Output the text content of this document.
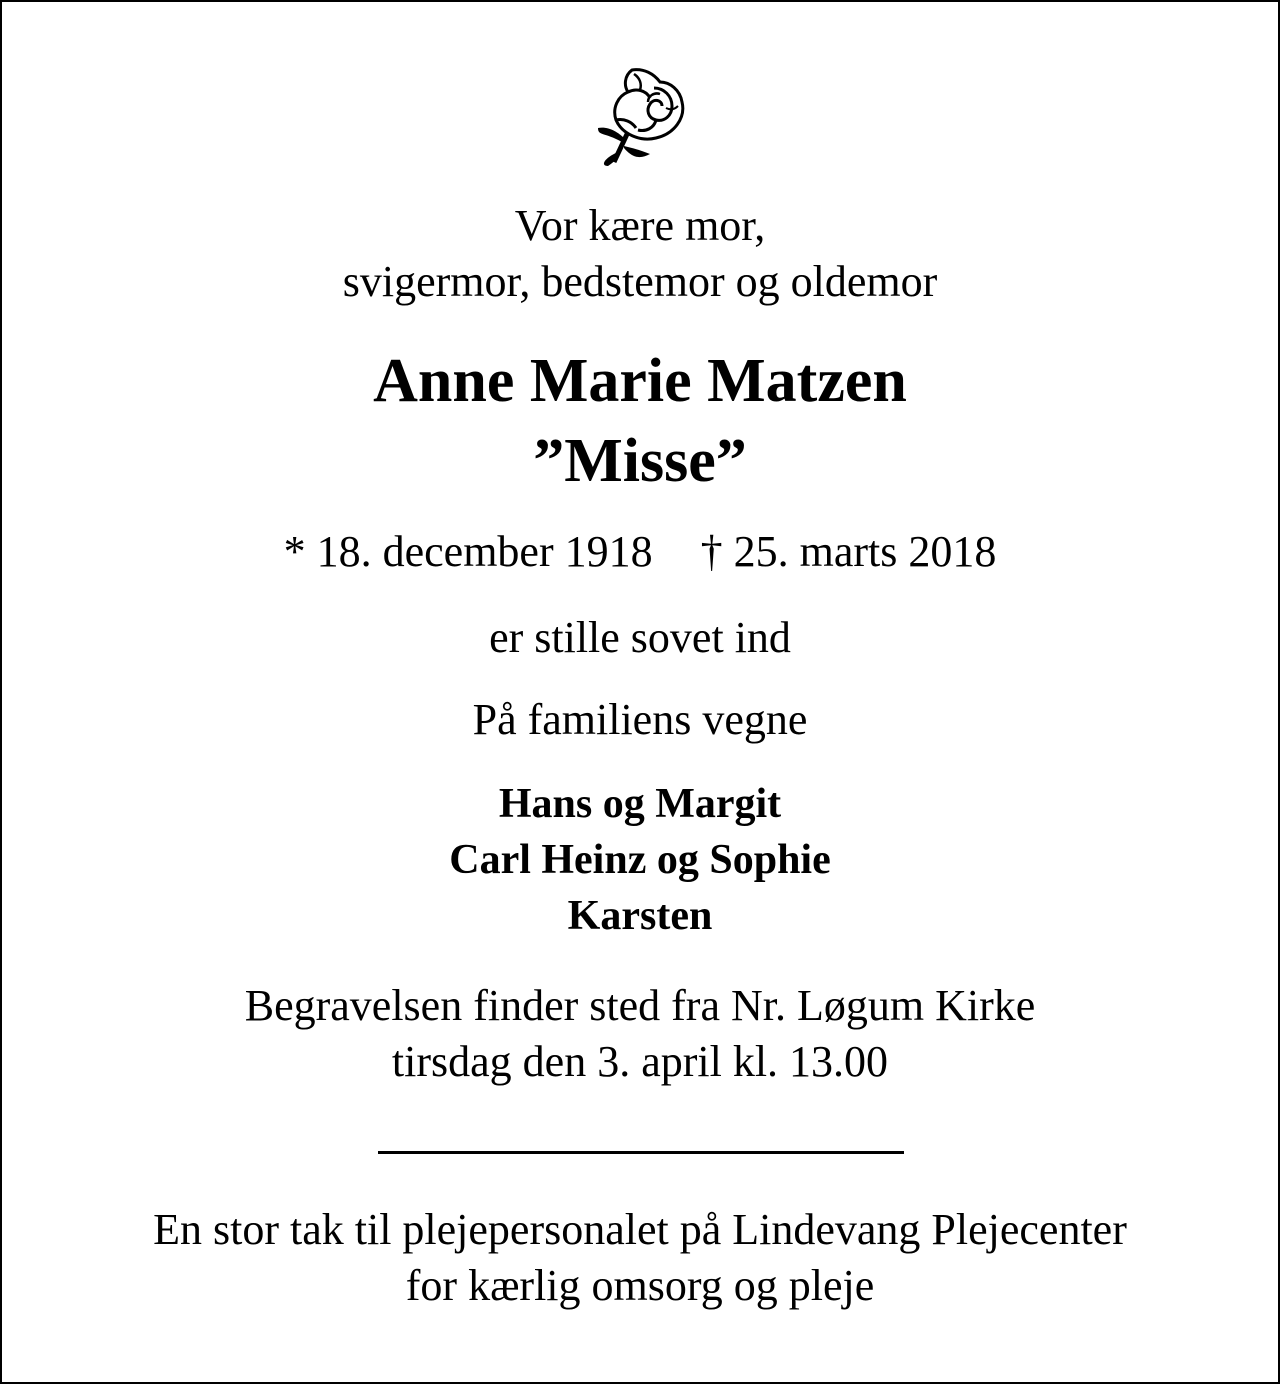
Vor kære mor,
svigermor, bedstemor og oldemor
Anne Marie Matzen
”Misse”
* 18. december 1918 † 25. marts 2018
er stille sovet ind
På familiens vegne
Hans og Margit
Carl Heinz og Sophie
Karsten
Begravelsen finder sted fra Nr. Løgum Kirke
tirsdag den 3. april kl. 13.00
En stor tak til plejepersonalet på Lindevang Plejecenter
for kærlig omsorg og pleje
